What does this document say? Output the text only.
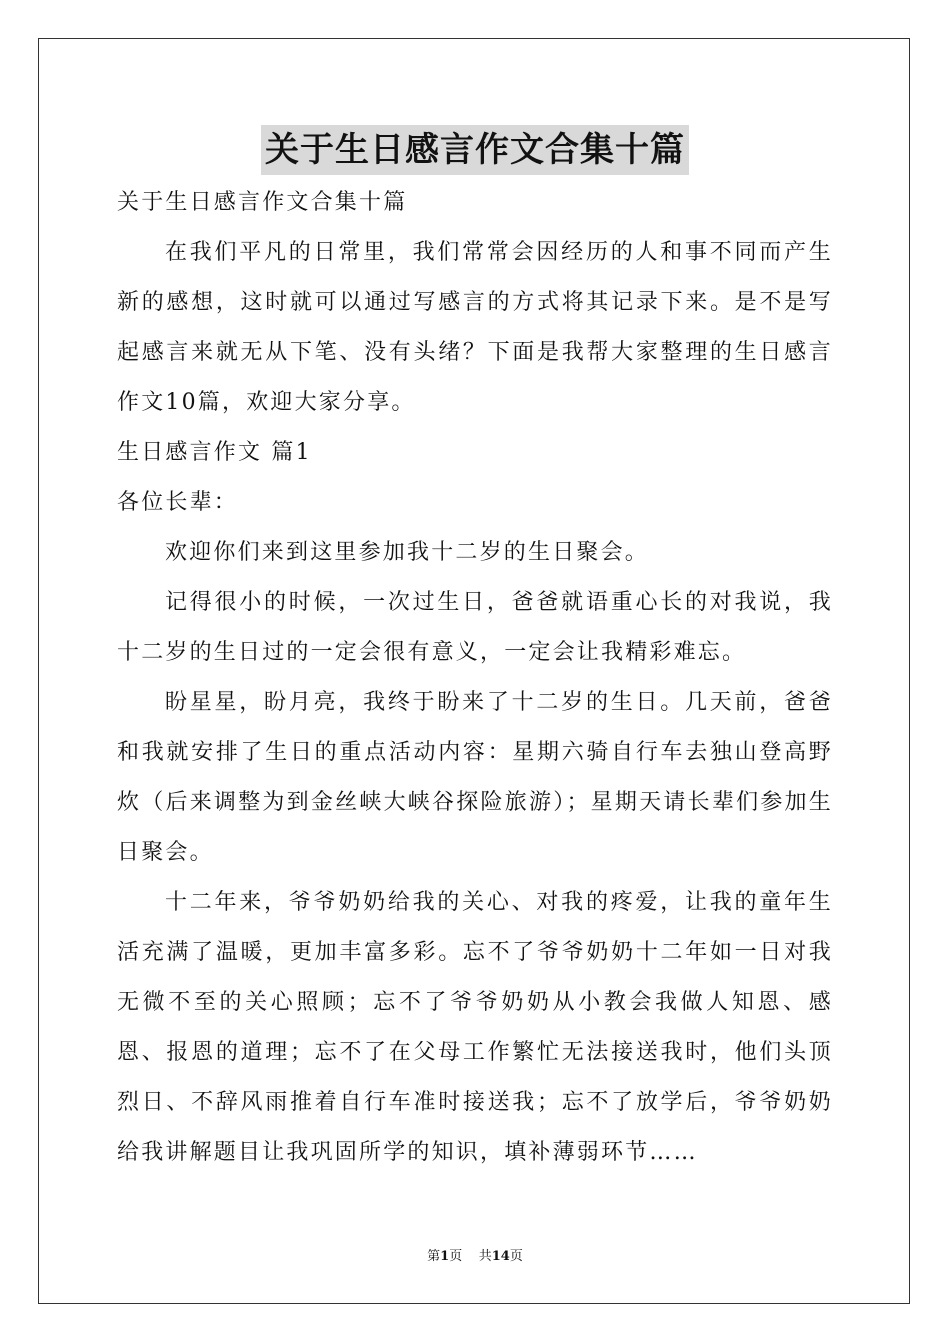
关于生日感言作文合集十篇

关于生日感言作文合集十篇

在我们平凡的日常里，我们常常会因经历的人和事不同而产生新的感想，这时就可以通过写感言的方式将其记录下来。是不是写起感言来就无从下笔、没有头绪？下面是我帮大家整理的生日感言作文10篇，欢迎大家分享。

生日感言作文 篇1

各位长辈：

欢迎你们来到这里参加我十二岁的生日聚会。

记得很小的时候，一次过生日，爸爸就语重心长的对我说，我十二岁的生日过的一定会很有意义，一定会让我精彩难忘。

盼星星，盼月亮，我终于盼来了十二岁的生日。几天前，爸爸和我就安排了生日的重点活动内容：星期六骑自行车去独山登高野炊（后来调整为到金丝峡大峡谷探险旅游）；星期天请长辈们参加生日聚会。

十二年来，爷爷奶奶给我的关心、对我的疼爱，让我的童年生活充满了温暖，更加丰富多彩。忘不了爷爷奶奶十二年如一日对我无微不至的关心照顾；忘不了爷爷奶奶从小教会我做人知恩、感恩、报恩的道理；忘不了在父母工作繁忙无法接送我时，他们头顶烈日、不辞风雨推着自行车准时接送我；忘不了放学后，爷爷奶奶给我讲解题目让我巩固所学的知识，填补薄弱环节……

第1页 共14页
